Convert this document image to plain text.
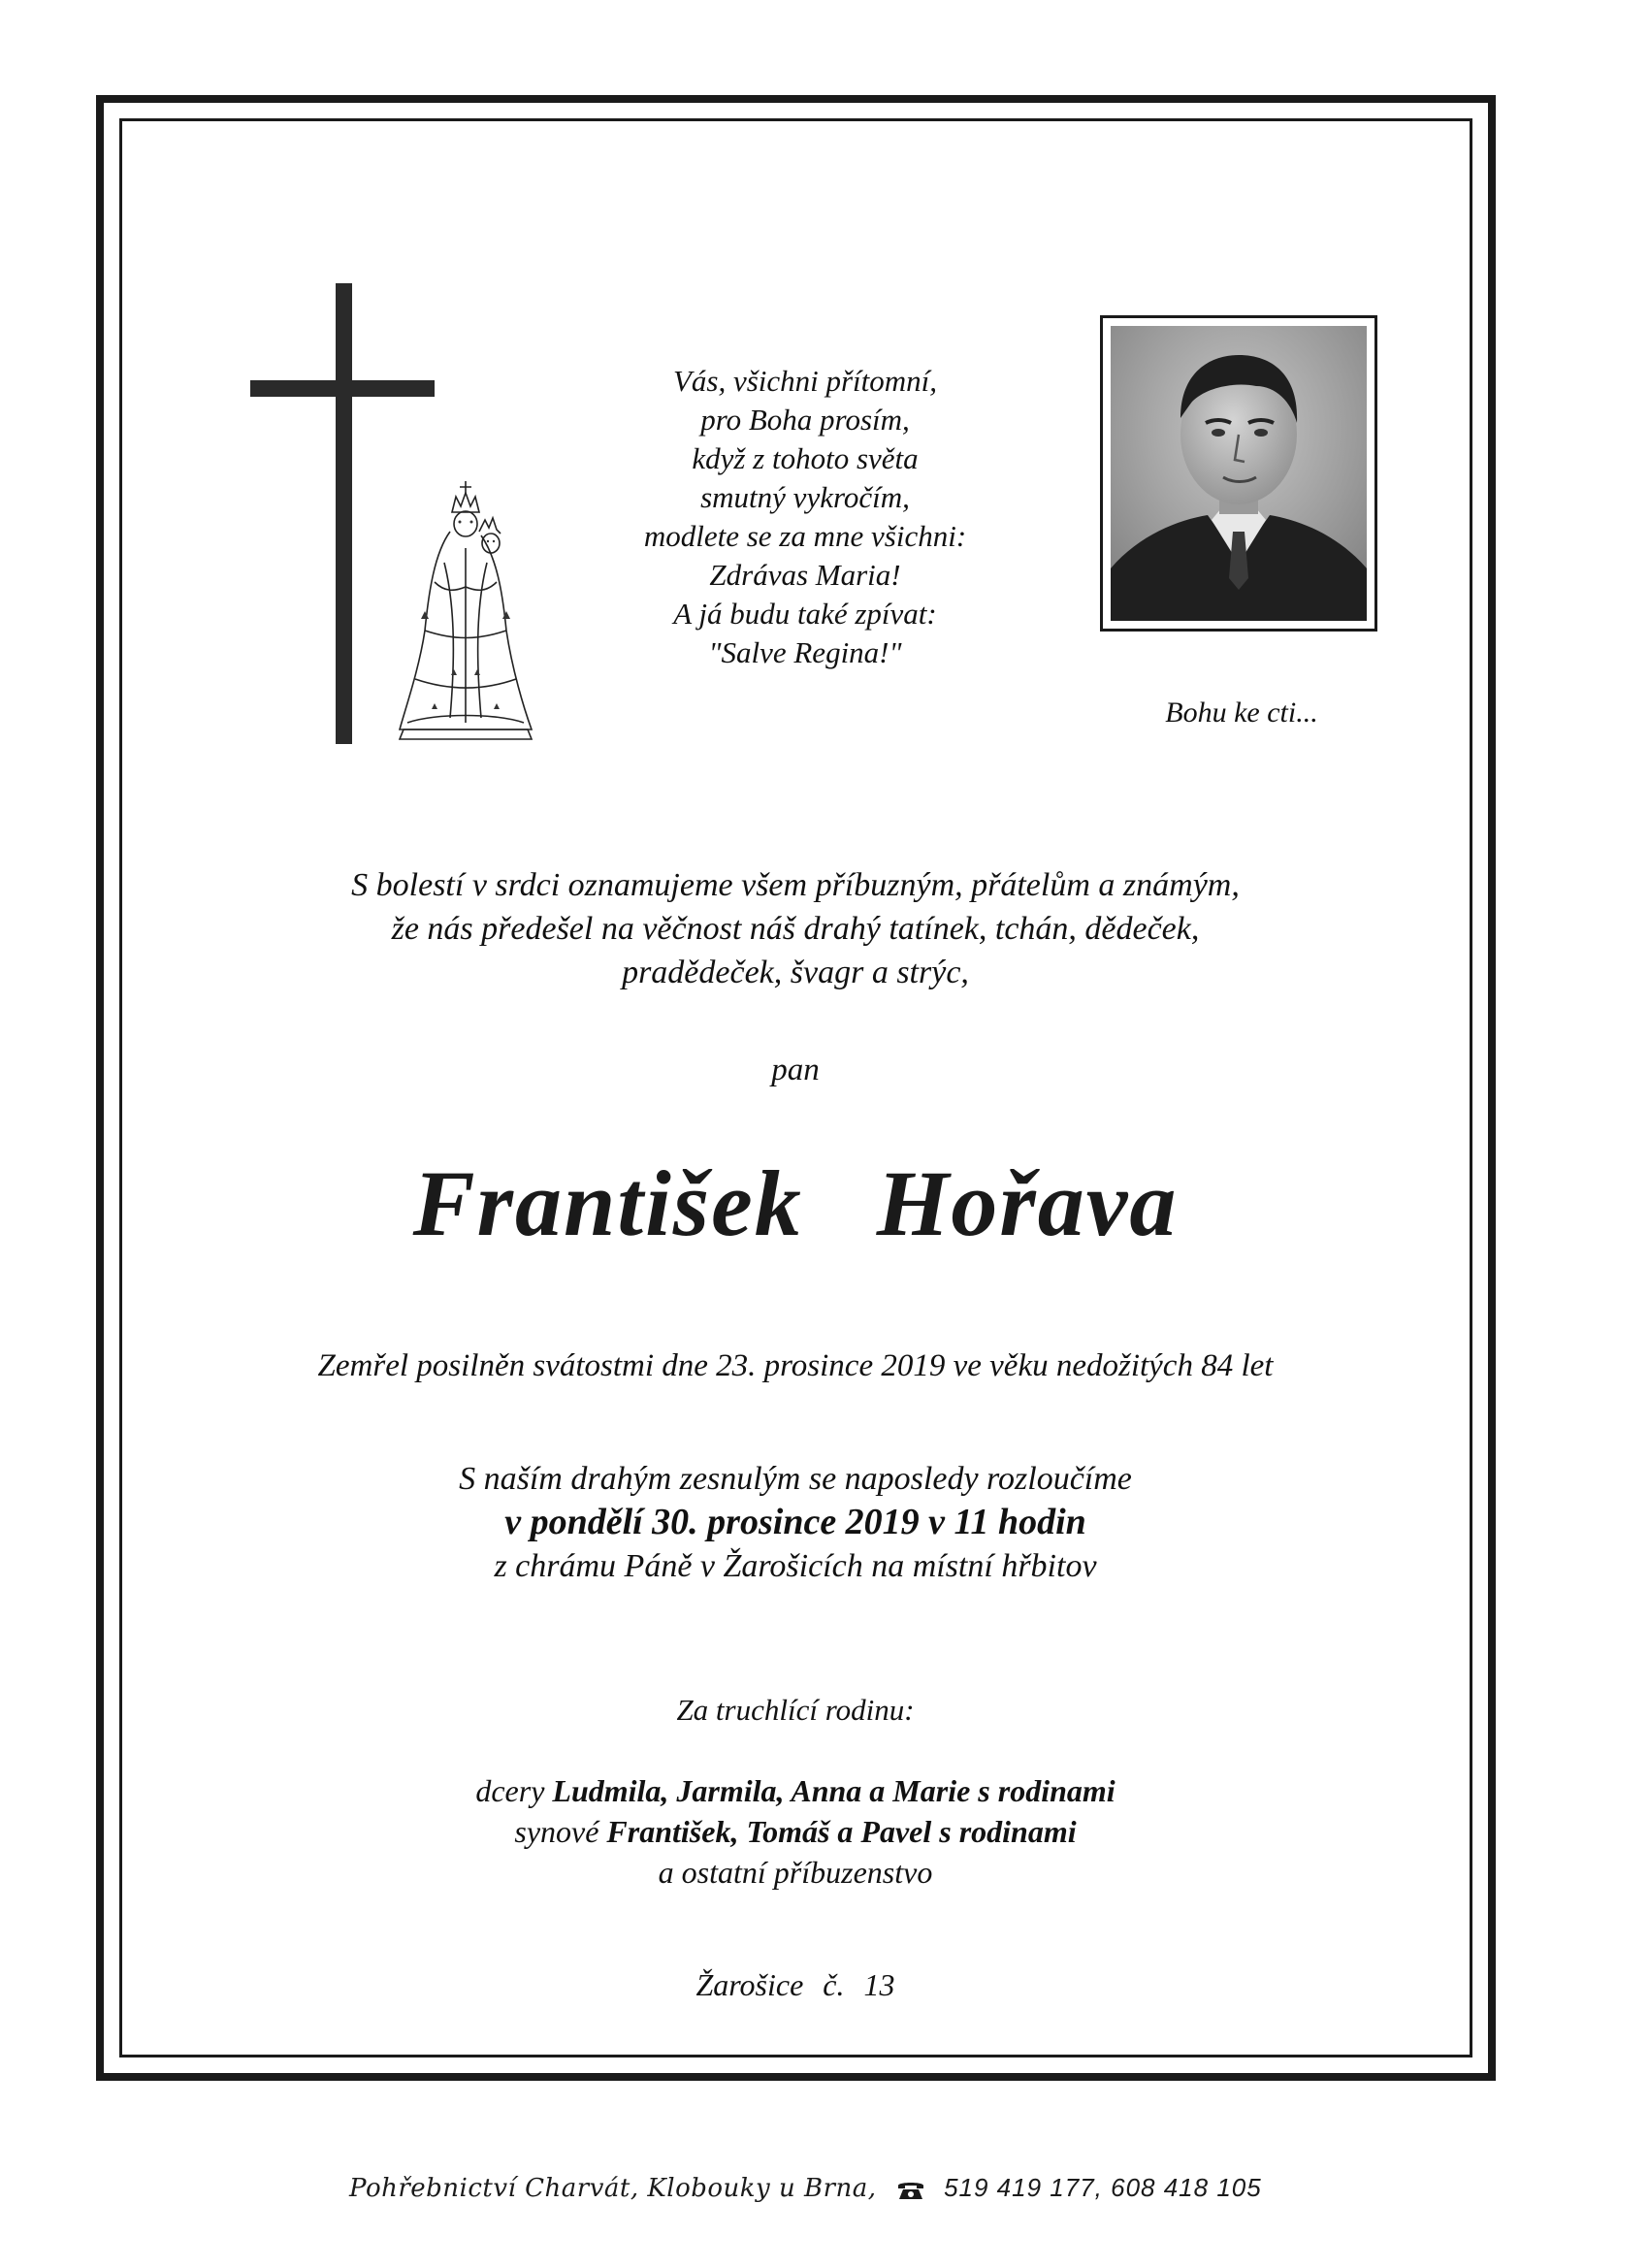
Vás, všichni přítomní,
pro Boha prosím,
když z tohoto světa
smutný vykročím,
modlete se za mne všichni:
Zdrávas Maria!
A já budu také zpívat:
"Salve Regina!"
Bohu ke cti...
S bolestí v srdci oznamujeme všem příbuzným, přátelům a známým,
že nás předešel na věčnost náš drahý tatínek, tchán, dědeček,
pradědeček, švagr a strýc,
pan
František Hořava
Zemřel posilněn svátostmi dne 23. prosince 2019 ve věku nedožitých 84 let
S naším drahým zesnulým se naposledy rozloučíme
v pondělí 30. prosince 2019 v 11 hodin
z chrámu Páně v Žarošicích na místní hřbitov
Za truchlící rodinu:
dcery Ludmila, Jarmila, Anna a Marie s rodinami
synové František, Tomáš a Pavel s rodinami
a ostatní příbuzenstvo
Žarošice č. 13
Pohřebnictví Charvát, Klobouky u Brna,	519 419 177, 608 418 105
